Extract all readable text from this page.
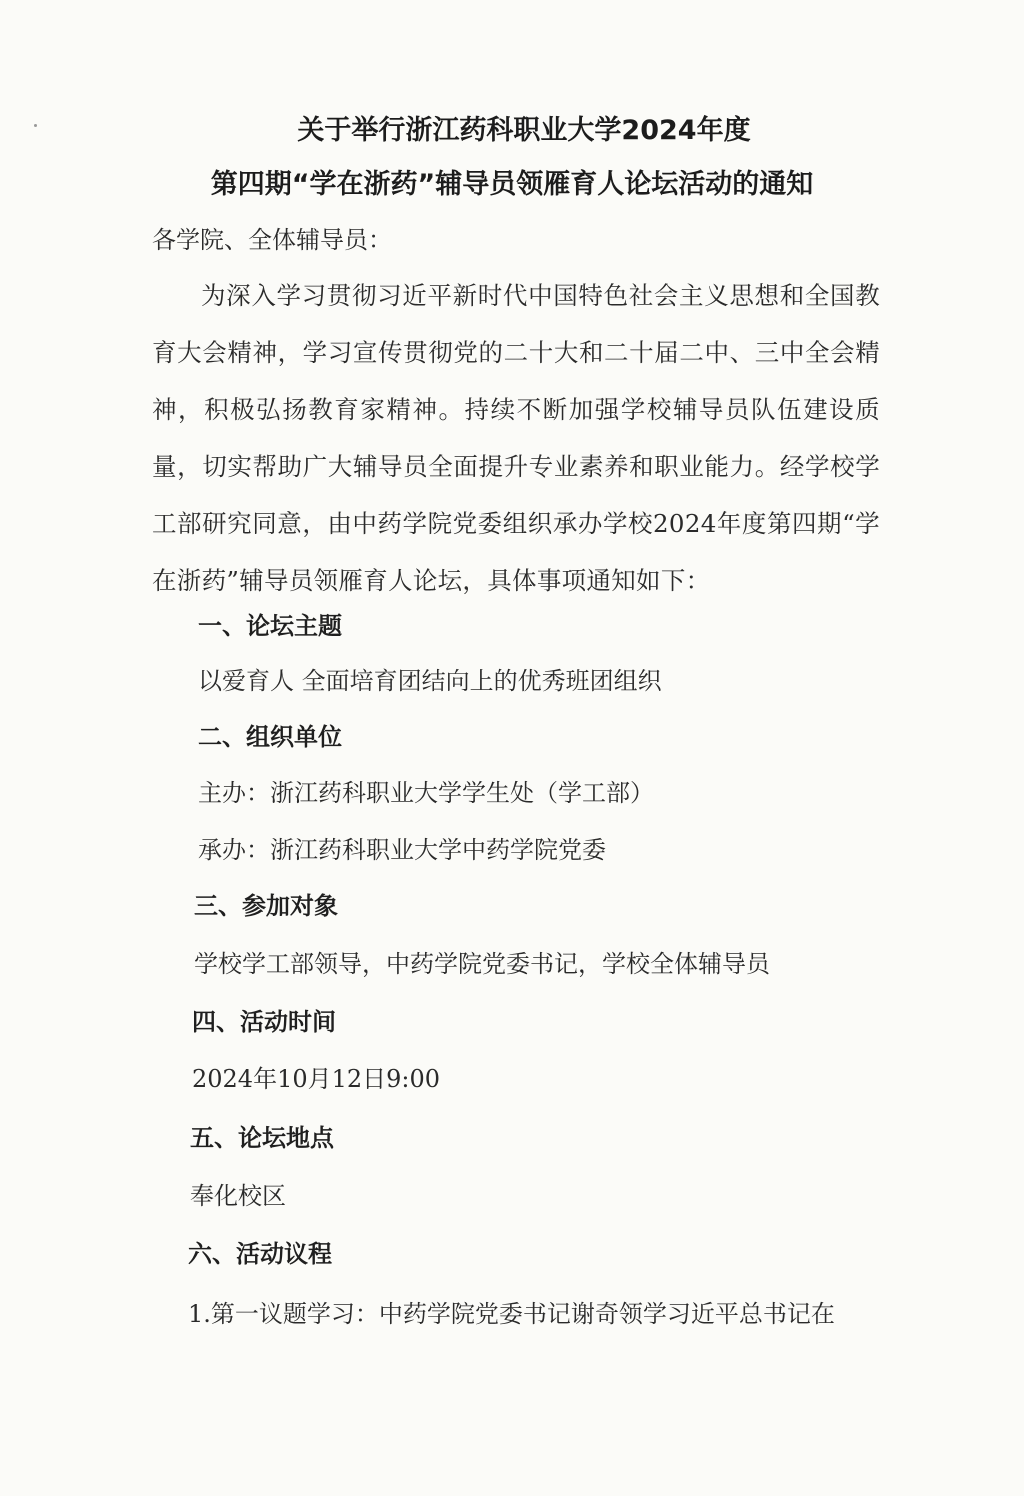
关于举行浙江药科职业大学2024年度
第四期“学在浙药”辅导员领雁育人论坛活动的通知
各学院、全体辅导员：
为深入学习贯彻习近平新时代中国特色社会主义思想和全国教育大会精神，学习宣传贯彻党的二十大和二十届二中、三中全会精神，积极弘扬教育家精神。持续不断加强学校辅导员队伍建设质量，切实帮助广大辅导员全面提升专业素养和职业能力。经学校学工部研究同意，由中药学院党委组织承办学校2024年度第四期“学在浙药”辅导员领雁育人论坛，具体事项通知如下：
一、论坛主题
以爱育人 全面培育团结向上的优秀班团组织
二、组织单位
主办：浙江药科职业大学学生处（学工部）
承办：浙江药科职业大学中药学院党委
三、参加对象
学校学工部领导，中药学院党委书记，学校全体辅导员
四、活动时间
2024年10月12日9:00
五、论坛地点
奉化校区
六、活动议程
1.第一议题学习：中药学院党委书记谢奇领学习近平总书记在
